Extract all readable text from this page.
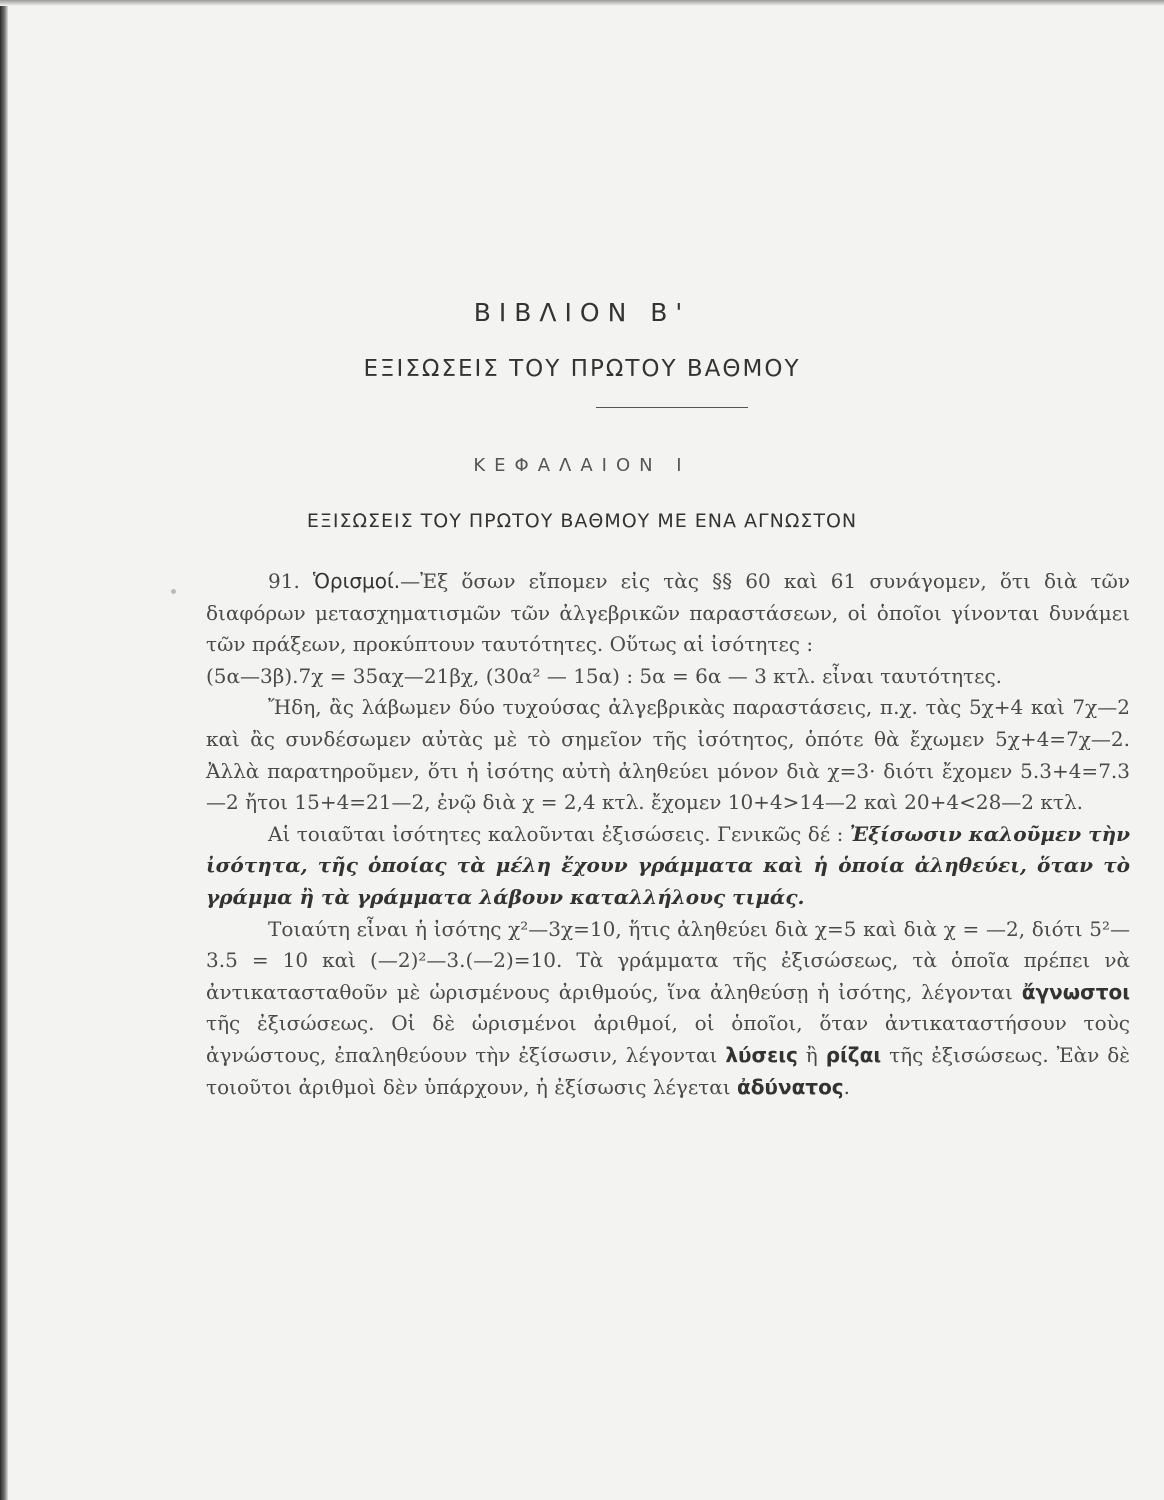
ΒΙΒΛΙΟΝ Β'
ΕΞΙΣΩΣΕΙΣ ΤΟΥ ΠΡΩΤΟΥ ΒΑΘΜΟΥ
ΚΕΦΑΛΑΙΟΝ Ι
ΕΞΙΣΩΣΕΙΣ ΤΟΥ ΠΡΩΤΟΥ ΒΑΘΜΟΥ ΜΕ ΕΝΑ ΑΓΝΩΣΤΟΝ

91. Ὁρισμοί.—Ἐξ ὅσων εἴπομεν εἰς τὰς §§ 60 καὶ 61 συνάγομεν, ὅτι διὰ τῶν διαφόρων μετασχηματισμῶν τῶν ἀλγεβρικῶν παραστάσεων, οἱ ὁποῖοι γίνονται δυνάμει τῶν πράξεων, προκύπτουν ταυτότητες. Οὕτως αἱ ἰσότητες :

(5α—3β).7χ = 35αχ—21βχ, (30α² — 15α) : 5α = 6α — 3 κτλ. εἶναι ταυτότητες.

Ἤδη, ἂς λάβωμεν δύο τυχούσας ἀλγεβρικὰς παραστάσεις, π.χ. τὰς 5χ+4 καὶ 7χ—2 καὶ ἂς συνδέσωμεν αὐτὰς μὲ τὸ σημεῖον τῆς ἰσότητος, ὁπότε θὰ ἔχωμεν 5χ+4=7χ—2. Ἀλλὰ παρατηροῦμεν, ὅτι ἡ ἰσότης αὐτὴ ἀληθεύει μόνον διὰ χ=3· διότι ἔχομεν 5.3+4=7.3—2 ἤτοι 15+4=21—2, ἐνῷ διὰ χ = 2,4 κτλ. ἔχομεν 10+4>14—2 καὶ 20+4<28—2 κτλ.

Αἱ τοιαῦται ἰσότητες καλοῦνται ἐξισώσεις. Γενικῶς δέ : Ἐξίσωσιν καλοῦμεν τὴν ἰσότητα, τῆς ὁποίας τὰ μέλη ἔχουν γράμματα καὶ ἡ ὁποία ἀληθεύει, ὅταν τὸ γράμμα ἢ τὰ γράμματα λάβουν καταλλήλους τιμάς.

Τοιαύτη εἶναι ἡ ἰσότης χ²—3χ=10, ἥτις ἀληθεύει διὰ χ=5 καὶ διὰ χ = —2, διότι 5²—3.5 = 10 καὶ (—2)²—3.(—2)=10. Τὰ γράμματα τῆς ἐξισώσεως, τὰ ὁποῖα πρέπει νὰ ἀντικατασταθοῦν μὲ ὡρισμένους ἀριθμούς, ἵνα ἀληθεύσῃ ἡ ἰσότης, λέγονται ἄγνωστοι τῆς ἐξισώσεως. Οἱ δὲ ὡρισμένοι ἀριθμοί, οἱ ὁποῖοι, ὅταν ἀντικαταστήσουν τοὺς ἀγνώστους, ἐπαληθεύουν τὴν ἐξίσωσιν, λέγονται λύσεις ἢ ρίζαι τῆς ἐξισώσεως. Ἐὰν δὲ τοιοῦτοι ἀριθμοὶ δὲν ὑπάρχουν, ἡ ἐξίσωσις λέγεται ἀδύνατος.
